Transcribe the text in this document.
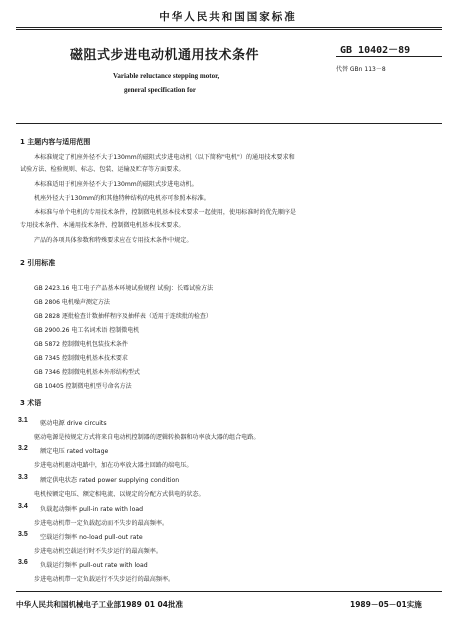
中华人民共和国国家标准
磁阻式步进电动机通用技术条件	GB 10402－89
代替 GBn 113－8
Variable reluctance stepping motor,
general specification for
1 主题内容与适用范围
本标准规定了机座外径不大于130mm的磁阻式步进电动机（以下简称"电机"）的通用技术要求和
试验方法、检验规则、标志、包装、运输及贮存等方面要求。
本标准适用于机座外径不大于130mm的磁阻式步进电动机。
机座外径大于130mm的和其他特种结构的电机亦可参照本标准。
本标准与单个电机的专用技术条件，控制微电机基本技术要求一起使用，使用标准时的优先顺序是
专用技术条件、本通用技术条件、控制微电机基本技术要求。
产品的各项具体参数和特殊要求应在专用技术条件中规定。
2 引用标准
GB 2423.16 电工电子产品基本环境试验规程 试验J：长霉试验方法
GB 2806 电机噪声测定方法
GB 2828 逐批检查计数抽样程序及抽样表（适用于连续批的检查）
GB 2900.26 电工名词术语 控制微电机
GB 5872 控制微电机包装技术条件
GB 7345 控制微电机基本技术要求
GB 7346 控制微电机基本外形结构型式
GB 10405 控制微电机型号命名方法
3 术语
3.1 驱动电源 drive circuits
驱动电源是按规定方式将来自电动机控制器的逻辑转换器和功率放大器的组合电路。
3.2 额定电压 rated voltage
步进电动机驱动电路中，加在功率放大器主回路的端电压。
3.3 额定供电状态 rated power supplying condition
电机按额定电压、额定相电流、以规定的分配方式供电的状态。
3.4 负载起动频率 pull-in rate with load
步进电动机带一定负载起动而不失步的最高频率。
3.5 空载运行频率 no-load pull-out rate
步进电动机空载运行时不失步运行的最高频率。
3.6 负载运行频率 pull-out rate with load
步进电动机带一定负载运行不失步运行的最高频率。
中华人民共和国机械电子工业部1989 01 04批准	1989－05－01实施
